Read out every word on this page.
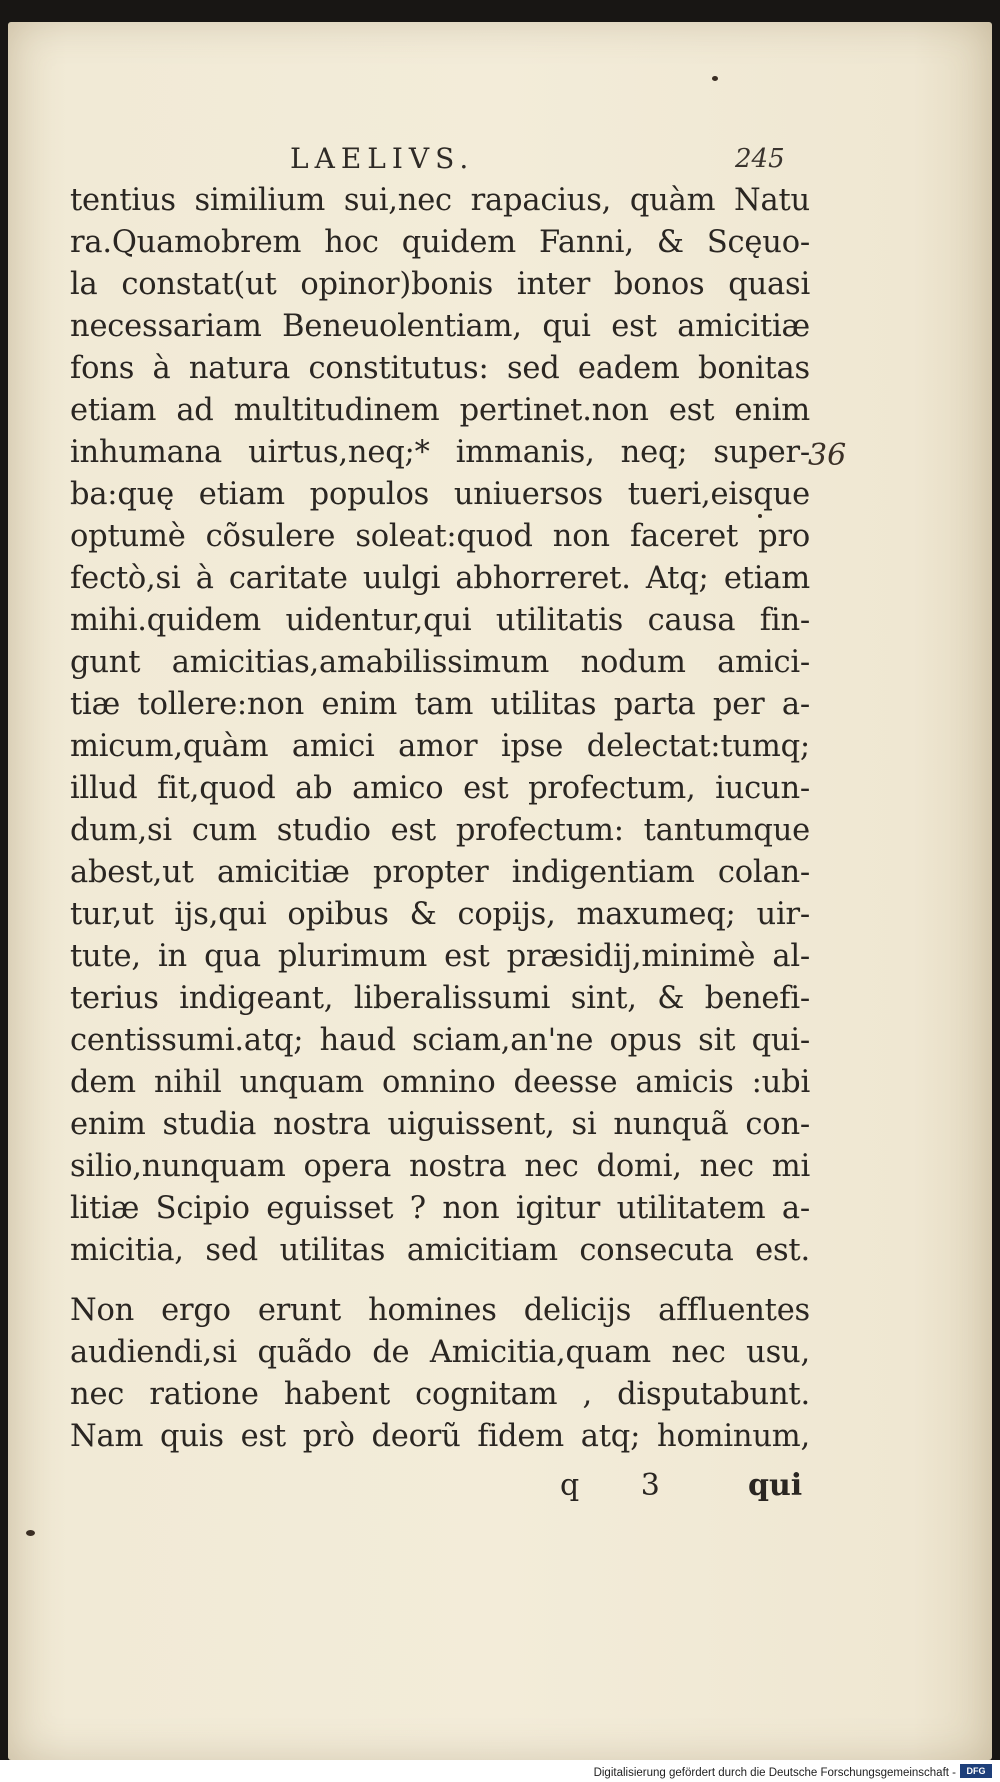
LAELIVS.	245
36
tentius similium sui,nec rapacius, quàm Natu
ra.Quamobrem hoc quidem Fanni, & Scęuo-
la constat(ut opinor)bonis inter bonos quasi
necessariam Beneuolentiam, qui est amicitiæ
fons à natura constitutus: sed eadem bonitas
etiam ad multitudinem pertinet.non est enim
inhumana uirtus,neq;* immanis, neq; super-
ba:quę etiam populos uniuersos tueri,eisque
optumè cõsulere soleat:quod non faceret pro
fectò,si à caritate uulgi abhorreret. Atq; etiam
mihi.quidem uidentur,qui utilitatis causa fin-
gunt amicitias,amabilissimum nodum amici-
tiæ tollere:non enim tam utilitas parta per a-
micum,quàm amici amor ipse delectat:tumq;
illud fit,quod ab amico est profectum, iucun-
dum,si cum studio est profectum: tantumque
abest,ut amicitiæ propter indigentiam colan-
tur,ut ijs,qui opibus & copijs, maxumeq; uir-
tute, in qua plurimum est præsidij,minimè al-
terius indigeant, liberalissumi sint, & benefi-
centissumi.atq; haud sciam,an'ne opus sit qui-
dem nihil unquam omnino deesse amicis :ubi
enim studia nostra uiguissent, si nunquã con-
silio,nunquam opera nostra nec domi, nec mi
litiæ Scipio eguisset ? non igitur utilitatem a-
micitia, sed utilitas amicitiam consecuta est.
Non ergo erunt homines delicijs affluentes
audiendi,si quãdo de Amicitia,quam nec usu,
nec ratione habent cognitam , disputabunt.
Nam quis est prò deorũ fidem atq; hominum,
q 3 qui
Digitalisierung gefördert durch die Deutsche Forschungsgemeinschaft -	DFG
